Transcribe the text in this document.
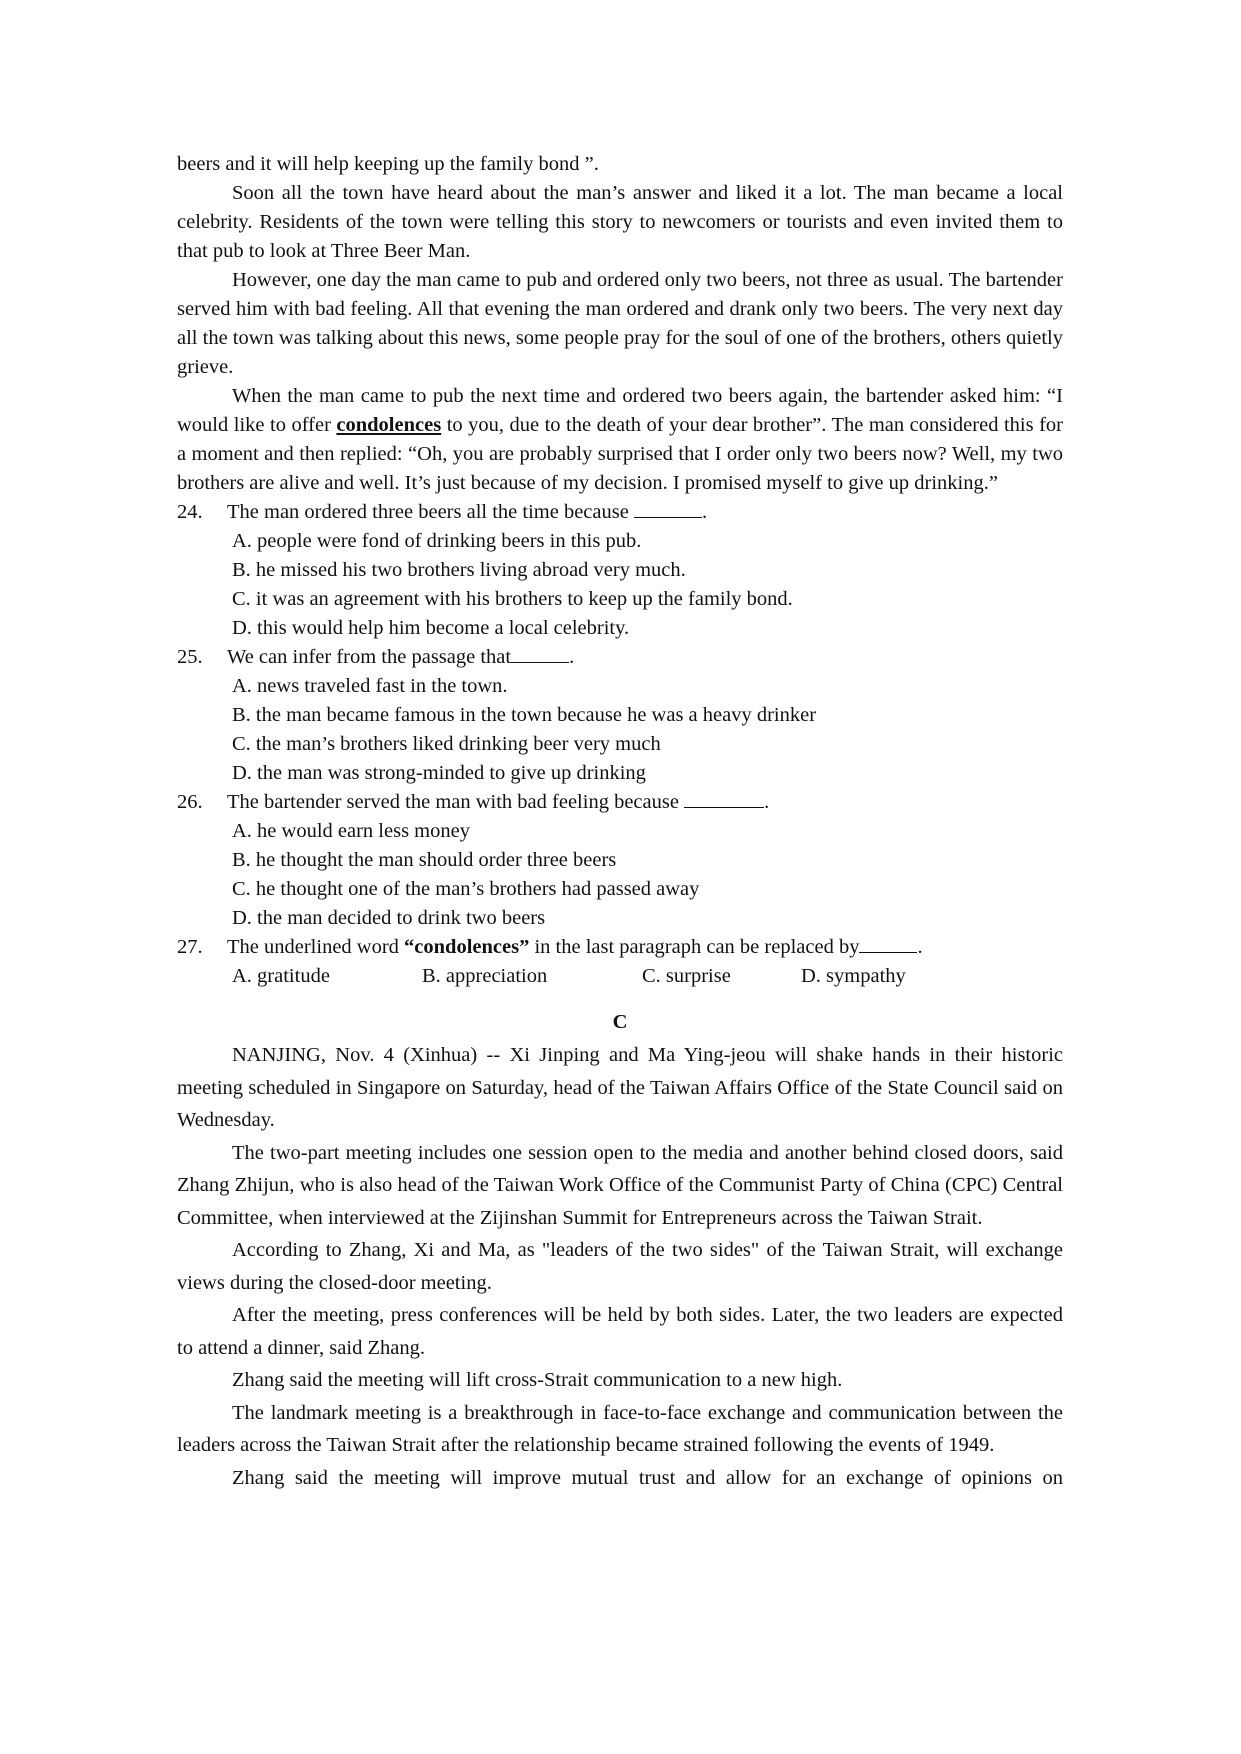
beers and it will help keeping up the family bond ”.

Soon all the town have heard about the man’s answer and liked it a lot. The man became a local celebrity. Residents of the town were telling this story to newcomers or tourists and even invited them to that pub to look at Three Beer Man.

However, one day the man came to pub and ordered only two beers, not three as usual. The bartender served him with bad feeling. All that evening the man ordered and drank only two beers. The very next day all the town was talking about this news, some people pray for the soul of one of the brothers, others quietly grieve.

When the man came to pub the next time and ordered two beers again, the bartender asked him: “I would like to offer condolences to you, due to the death of your dear brother”. The man considered this for a moment and then replied: “Oh, you are probably surprised that I order only two beers now? Well, my two brothers are alive and well. It’s just because of my decision. I promised myself to give up drinking.”

24.	The man ordered three beers all the time because	.

A. people were fond of drinking beers in this pub.

B. he missed his two brothers living abroad very much.

C. it was an agreement with his brothers to keep up the family bond.

D. this would help him become a local celebrity.

25.	We can infer from the passage that	.

A. news traveled fast in the town.

B. the man became famous in the town because he was a heavy drinker

C. the man’s brothers liked drinking beer very much

D. the man was strong-minded to give up drinking

26.	The bartender served the man with bad feeling because	.

A. he would earn less money

B. he thought the man should order three beers

C. he thought one of the man’s brothers had passed away

D. the man decided to drink two beers

27.	The underlined word “condolences” in the last paragraph can be replaced by	.
A. gratitude	B. appreciation	C. surprise	D. sympathy

C

NANJING, Nov. 4 (Xinhua) -- Xi Jinping and Ma Ying-jeou will shake hands in their historic meeting scheduled in Singapore on Saturday, head of the Taiwan Affairs Office of the State Council said on Wednesday.

The two-part meeting includes one session open to the media and another behind closed doors, said Zhang Zhijun, who is also head of the Taiwan Work Office of the Communist Party of China (CPC) Central Committee, when interviewed at the Zijinshan Summit for Entrepreneurs across the Taiwan Strait.

According to Zhang, Xi and Ma, as "leaders of the two sides" of the Taiwan Strait, will exchange views during the closed-door meeting.

After the meeting, press conferences will be held by both sides. Later, the two leaders are expected to attend a dinner, said Zhang.

Zhang said the meeting will lift cross-Strait communication to a new high.

The landmark meeting is a breakthrough in face-to-face exchange and communication between the leaders across the Taiwan Strait after the relationship became strained following the events of 1949.

Zhang said the meeting will improve mutual trust and allow for an exchange of opinions on
